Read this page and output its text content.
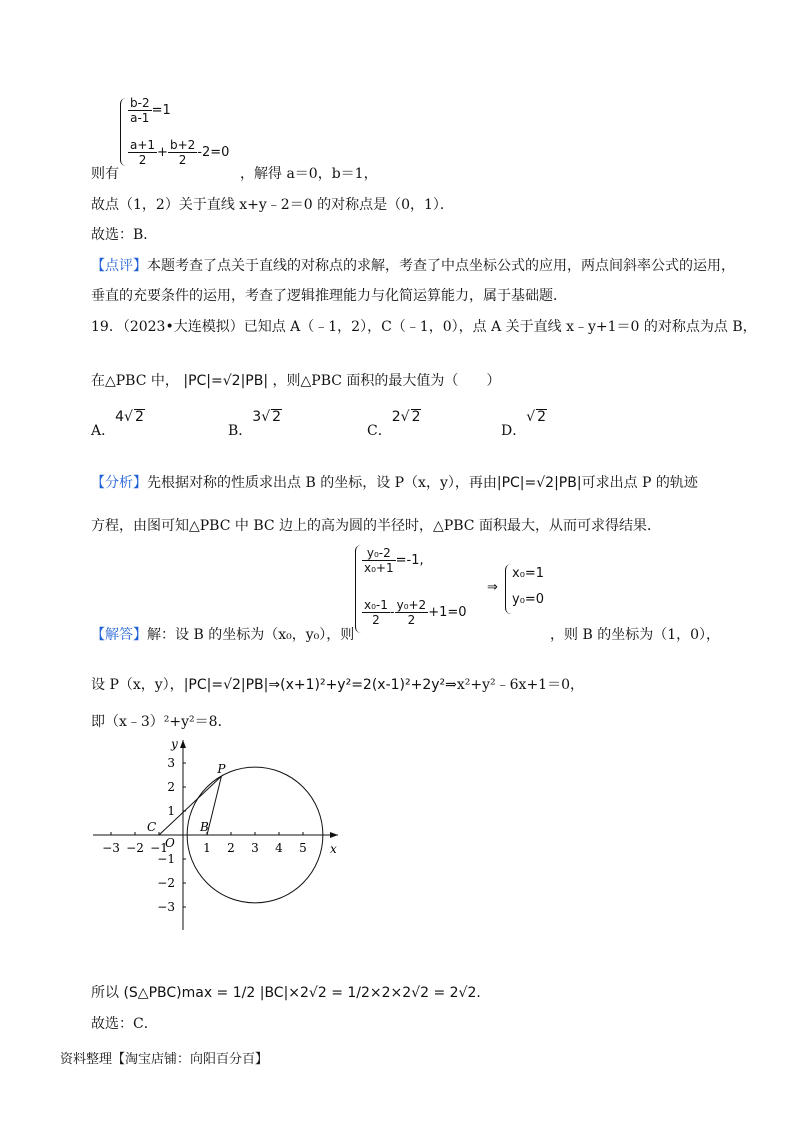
$\frac{b-2}{a-1} =1$
$\frac{a+1}{2} + \frac{b+2}{2} -2=0$
则有	，解得 a＝0，b＝1，
故点（1，2）关于直线 x+y﹣2＝0 的对称点是（0，1）．
故选：B．
【点评】本题考查了点关于直线的对称点的求解，考查了中点坐标公式的应用，两点间斜率公式的运用，
垂直的充要条件的运用，考查了逻辑推理能力与化简运算能力，属于基础题．
19．（2023•大连模拟）已知点 A（﹣1，2），C（﹣1，0），点 A 关于直线 x﹣y+1＝0 的对称点为点 B，
在△PBC 中， |PC|=√2|PB| ，则△PBC 面积的最大值为（　　）
A．4√ 2
B．3√ 2
C．2√ 2
D．√ 2
【分析】先根据对称的性质求出点 B 的坐标，设 P（x，y），再由|PC|=√2|PB|可求出点 P 的轨迹
方程，由图可知△PBC 中 BC 边上的高为圆的半径时，△PBC 面积最大，从而可求得结果．
$\frac{\text{y₀-2}}{\text{x₀+1}} =-1$,
$\frac{\text{x₀-1}}{2} - \frac{\text{y₀+2}}{2} +1=0$
⇒
x₀=1
y₀=0
【解答】解：设 B 的坐标为（x₀，y₀），则	，则 B 的坐标为（1，0），
设 P（x，y），|PC|=√2|PB|⇒(x+1)²+y²=2(x-1)²+2y²⇒x²+y²﹣6x+1＝0，
即（x﹣3）²+y²＝8．
−3 −2 −1	1 2 3 4 5
3
2
1
−1
−2
−3
x
y
O
C	B
P
所以 (S△PBC)max = 1/2 |BC|×2√2 = 1/2×2×2√2 = 2√2．
故选：C．
资料整理【淘宝店铺：向阳百分百】
